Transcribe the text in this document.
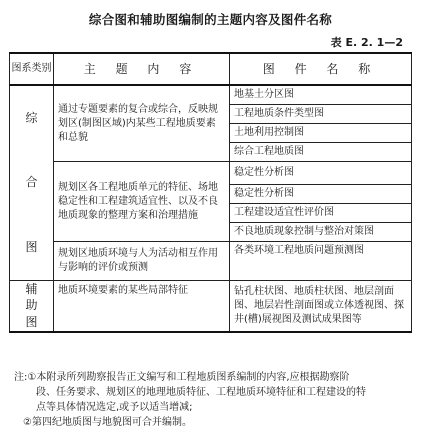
综合图和辅助图编制的主题内容及图件名称
表 E. 2. 1—2
图系类别	主 题 内 容	图 件 名 称

综
合
图	通过专题要素的复合或综合，反映规划区(制图区域)内某些工程地质要素和总貌	地基土分区图
		工程地质条件类型图
		土地利用控制图
		综合工程地质图
	规划区各工程地质单元的特征、场地稳定性和工程建筑适宜性、以及不良地质现象的整理方案和治理措施	稳定性分析图
		稳定性分析图
		工程建设适宜性评价图
		不良地质现象控制与整治对策图
	规划区地质环境与人为活动相互作用与影响的评价或预测	各类环境工程地质问题预测图

辅
助
图	地质环境要素的某些局部特征	钻孔柱状图、地质柱状图、地层剖面图、地层岩性剖面图或立体透视图、探井(槽)展视图及测试成果图等
注:①本附录所列勘察报告正文编写和工程地质图系编制的内容,应根据勘察阶
段、任务要求、规划区的地理地质特征、工程地质环境特征和工程建设的特
点等具体情况选定,或予以适当增减;
②第四纪地质图与地貌图可合并编制。
